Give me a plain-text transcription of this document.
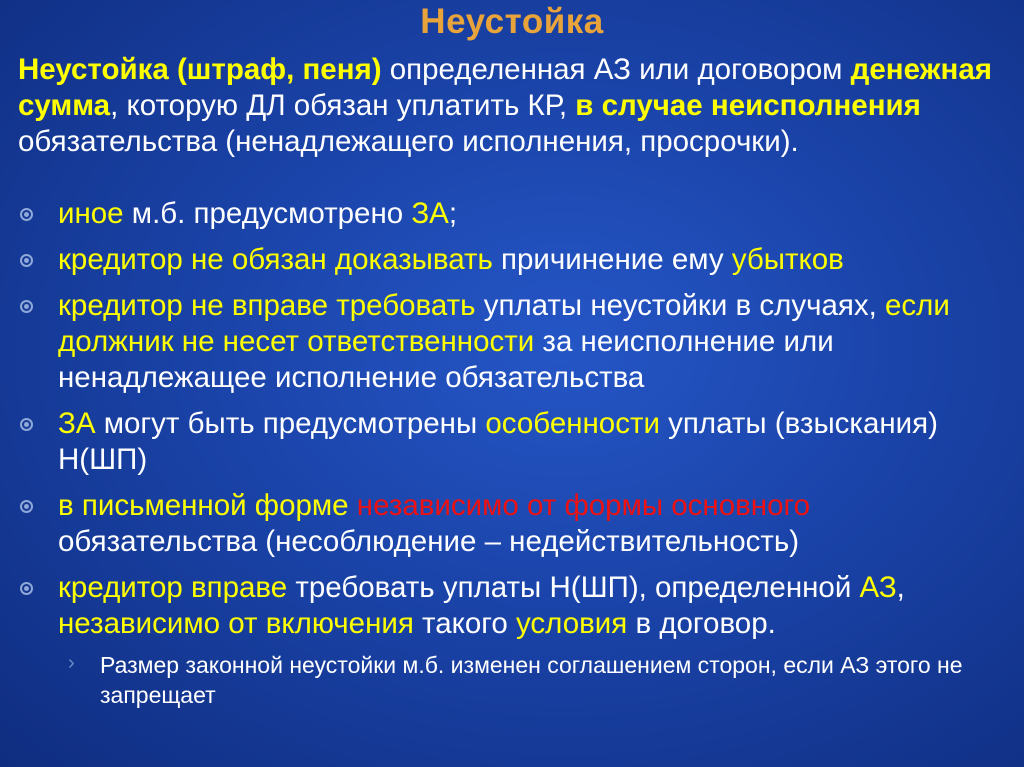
Неустойка
Неустойка (штраф, пеня) определенная АЗ или договором денежная сумма, которую ДЛ обязан уплатить КР, в случае неисполнения обязательства (ненадлежащего исполнения, просрочки).
иное м.б. предусмотрено ЗА;
кредитор не обязан доказывать причинение ему убытков
кредитор не вправе требовать уплаты неустойки в случаях, если должник не несет ответственности за неисполнение или ненадлежащее исполнение обязательства
ЗА могут быть предусмотрены особенности уплаты (взыскания) Н(ШП)
в письменной форме независимо от формы основного обязательства (несоблюдение – недействительность)
кредитор вправе требовать уплаты Н(ШП), определенной АЗ, независимо от включения такого условия в договор.
› Размер законной неустойки м.б. изменен соглашением сторон, если АЗ этого не запрещает
